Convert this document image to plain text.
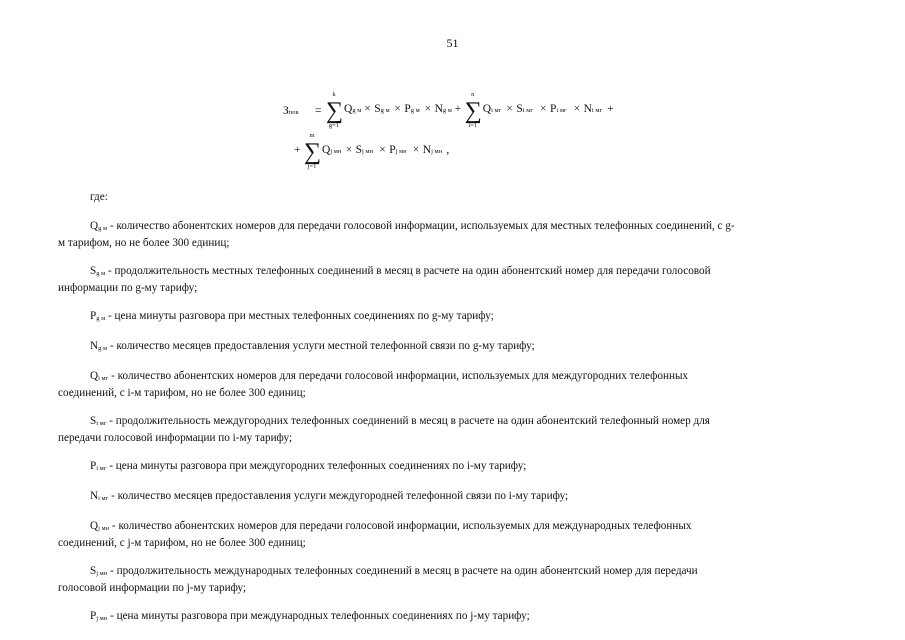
51
Зпов =
k
∑
g=1
Qg м × Sg м × Pg м × Ng м +
n
∑
i=1
Qi мг × Si мг × Pi мг × Ni мг +
+
m
∑
j=1
Qj мн × Sj мн × Pj мн × Nj мн ,
где:
$Q_{g м}$ - количество абонентских номеров для передачи голосовой информации, используемых для местных телефонных соединений, с g-
м тарифом, но не более 300 единиц;
$S_{g м}$ - продолжительность местных телефонных соединений в месяц в расчете на один абонентский номер для передачи голосовой
информации по g-му тарифу;
$P_{g м}$ - цена минуты разговора при местных телефонных соединениях по g-му тарифу;
$N_{g м}$ - количество месяцев предоставления услуги местной телефонной связи по g-му тарифу;
$Q_{i мг}$ - количество абонентских номеров для передачи голосовой информации, используемых для междугородних телефонных
соединений, с i-м тарифом, но не более 300 единиц;
$S_{i мг}$ - продолжительность междугородних телефонных соединений в месяц в расчете на один абонентский телефонный номер для
передачи голосовой информации по i-му тарифу;
$P_{i мг}$ - цена минуты разговора при междугородних телефонных соединениях по i-му тарифу;
$N_{i мг}$ - количество месяцев предоставления услуги междугородней телефонной связи по i-му тарифу;
$Q_{j мн}$ - количество абонентских номеров для передачи голосовой информации, используемых для международных телефонных
соединений, с j-м тарифом, но не более 300 единиц;
$S_{j мн}$ - продолжительность международных телефонных соединений в месяц в расчете на один абонентский номер для передачи
голосовой информации по j-му тарифу;
$P_{j мн}$ - цена минуты разговора при международных телефонных соединениях по j-му тарифу;
